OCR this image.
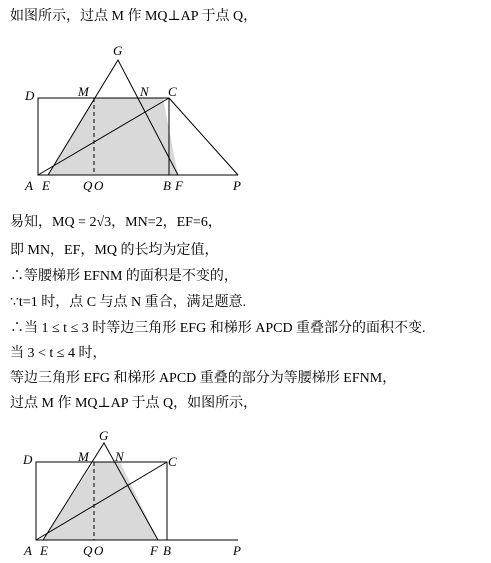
如图所示，过点 M 作 MQ⊥AP 于点 Q，
G
D	M	N C
A E	Q O	B F	P
易知，MQ = 2√3，MN=2，EF=6，
即 MN，EF，MQ 的长均为定值，
∴等腰梯形 EFNM 的面积是不变的，
∵t=1 时，点 C 与点 N 重合，满足题意.
∴当 1 ≤ t ≤ 3 时等边三角形 EFG 和梯形 APCD 重叠部分的面积不变.
当 3 < t ≤ 4 时，
等边三角形 EFG 和梯形 APCD 重叠的部分为等腰梯形 EFNM，
过点 M 作 MQ⊥AP 于点 Q，如图所示，
G
D	M N	C
A E	Q O	F B	P
